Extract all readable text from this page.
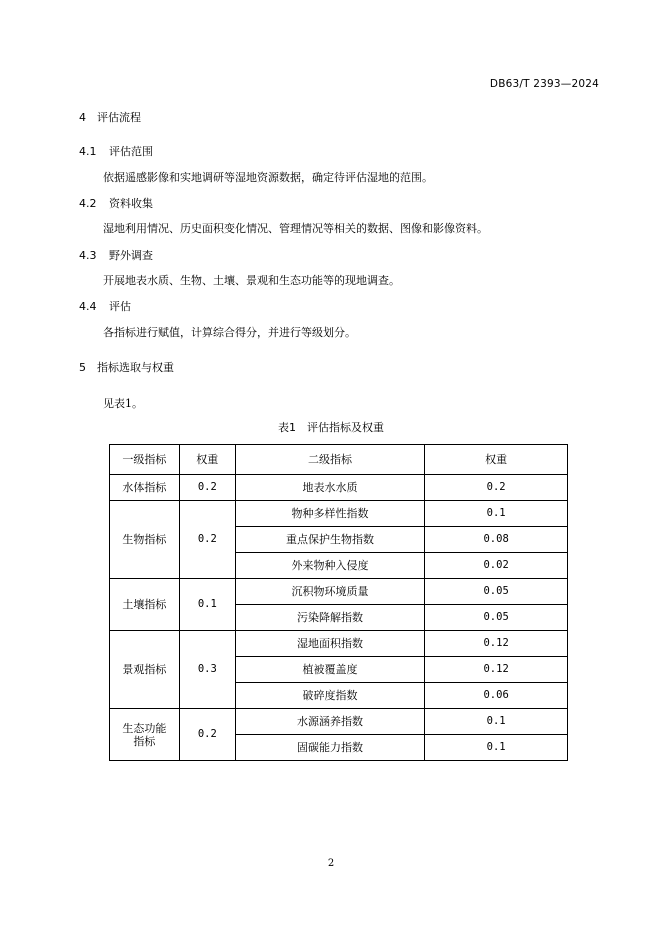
DB63/T 2393—2024
4 评估流程
4.1 评估范围
依据遥感影像和实地调研等湿地资源数据，确定待评估湿地的范围。
4.2 资料收集
湿地利用情况、历史面积变化情况、管理情况等相关的数据、图像和影像资料。
4.3 野外调查
开展地表水质、生物、土壤、景观和生态功能等的现地调查。
4.4 评估
各指标进行赋值，计算综合得分，并进行等级划分。
5 指标选取与权重
见表1。
表1　评估指标及权重
一级指标	权重	二级指标	权重
水体指标	0.2	地表水水质	0.2
生物指标	0.2	物种多样性指数	0.1
		重点保护生物指数	0.08
		外来物种入侵度	0.02
土壤指标	0.1	沉积物环境质量	0.05
		污染降解指数	0.05
景观指标	0.3	湿地面积指数	0.12
		植被覆盖度	0.12
		破碎度指数	0.06
生态功能
指标	0.2	水源涵养指数	0.1
		固碳能力指数	0.1
2
